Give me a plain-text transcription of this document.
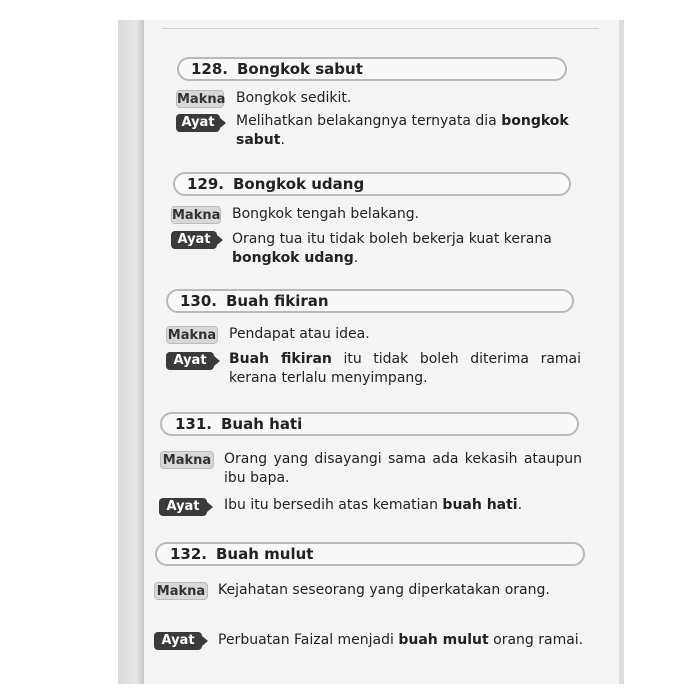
128. Bongkok sabut
Makna Bongkok sedikit.
Ayat	Melihatkan belakangnya ternyata dia bongkok sabut.
129. Bongkok udang
Makna Bongkok tengah belakang.
Ayat	Orang tua itu tidak boleh bekerja kuat kerana bongkok udang.
130. Buah fikiran
Makna Pendapat atau idea.
Ayat	Buah fikiran itu tidak boleh diterima ramai kerana terlalu menyimpang.
131. Buah hati
Makna Orang yang disayangi sama ada kekasih ataupun ibu bapa.
Ayat	Ibu itu bersedih atas kematian buah hati.
132. Buah mulut
Makna Kejahatan seseorang yang diperkatakan orang.
Ayat	Perbuatan Faizal menjadi buah mulut orang ramai.
